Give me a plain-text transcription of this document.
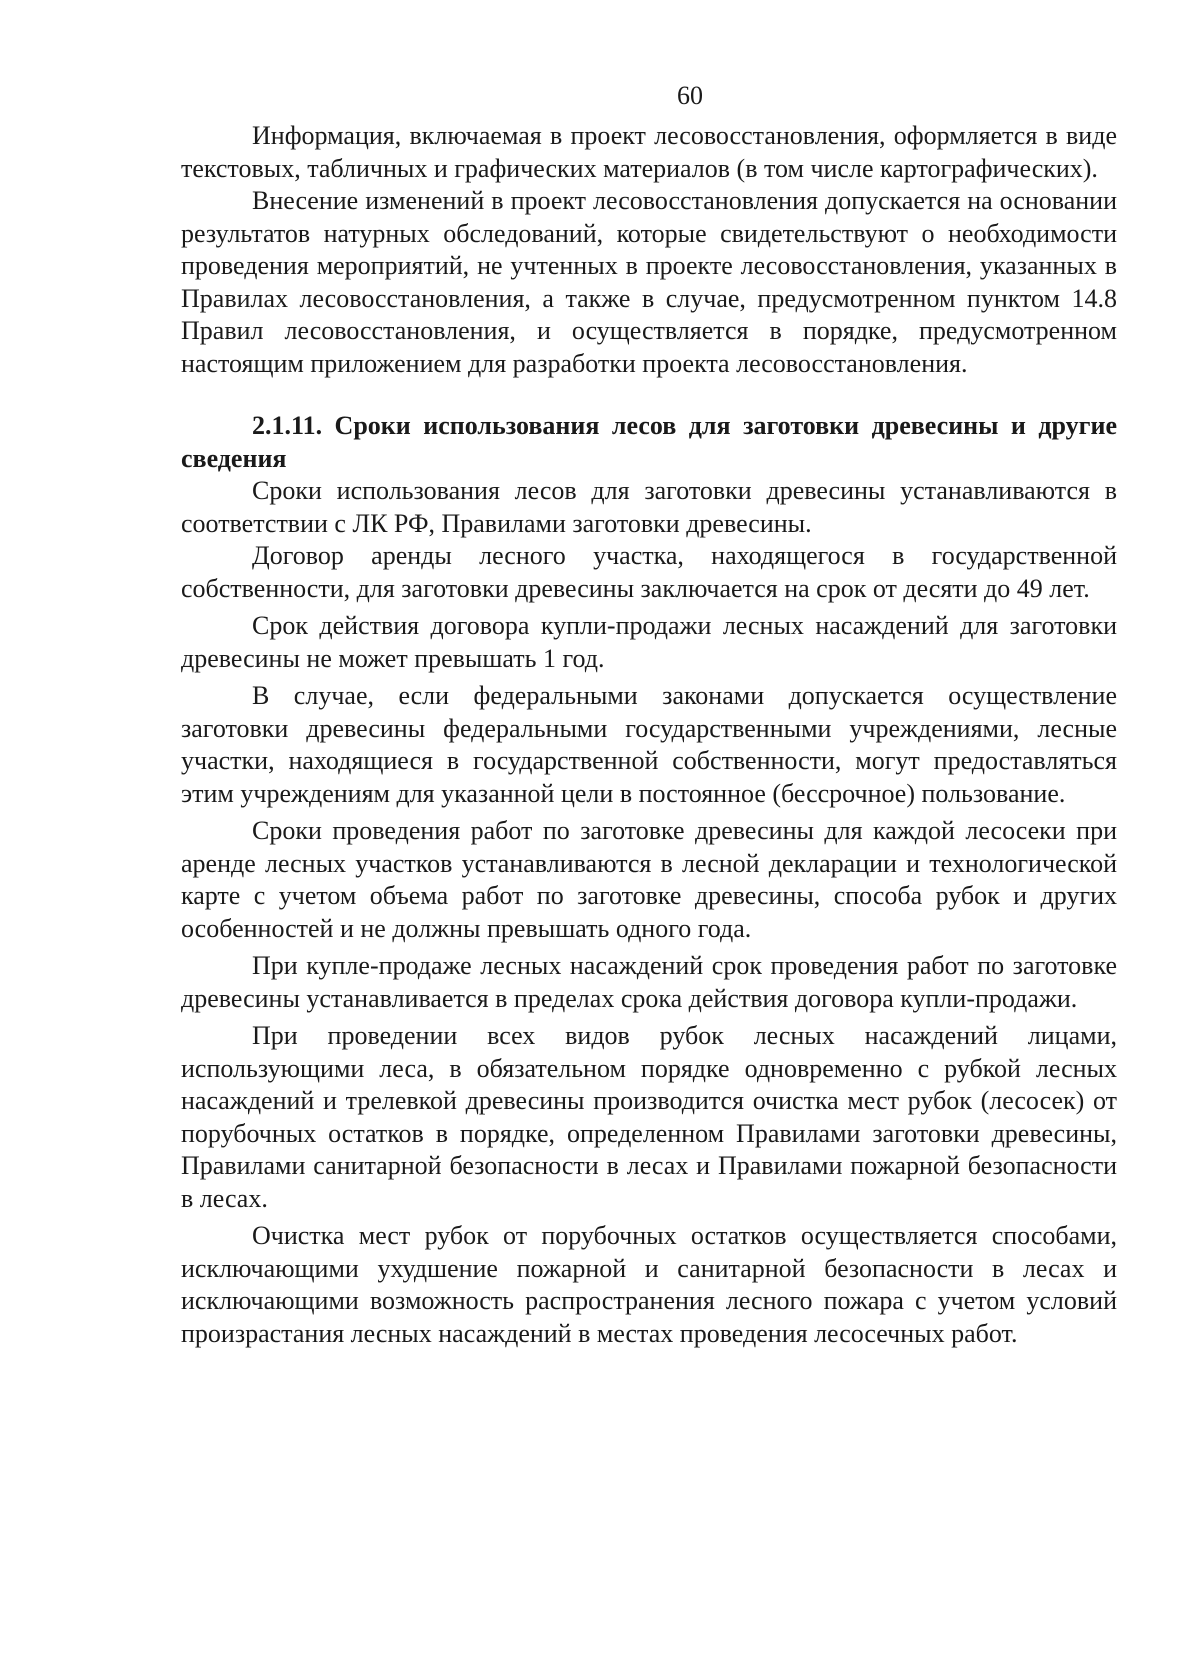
60

Информация, включаемая в проект лесовосстановления, оформляется в виде текстовых, табличных и графических материалов (в том числе картографических).

Внесение изменений в проект лесовосстановления допускается на основании результатов натурных обследований, которые свидетельствуют о необходимости проведения мероприятий, не учтенных в проекте лесовосстановления, указанных в Правилах лесовосстановления, а также в случае, предусмотренном пунктом 14.8 Правил лесовосстановления, и осуществляется в порядке, предусмотренном настоящим приложением для разработки проекта лесовосстановления.

2.1.11. Сроки использования лесов для заготовки древесины и другие сведения

Сроки использования лесов для заготовки древесины устанавливаются в соответствии с ЛК РФ, Правилами заготовки древесины.

Договор аренды лесного участка, находящегося в государственной собственности, для заготовки древесины заключается на срок от десяти до 49 лет.

Срок действия договора купли-продажи лесных насаждений для заготовки древесины не может превышать 1 год.

В случае, если федеральными законами допускается осуществление заготовки древесины федеральными государственными учреждениями, лесные участки, находящиеся в государственной собственности, могут предоставляться этим учреждениям для указанной цели в постоянное (бессрочное) пользование.

Сроки проведения работ по заготовке древесины для каждой лесосеки при аренде лесных участков устанавливаются в лесной декларации и технологической карте с учетом объема работ по заготовке древесины, способа рубок и других особенностей и не должны превышать одного года.

При купле-продаже лесных насаждений срок проведения работ по заготовке древесины устанавливается в пределах срока действия договора купли-продажи.

При проведении всех видов рубок лесных насаждений лицами, использующими леса, в обязательном порядке одновременно с рубкой лесных насаждений и трелевкой древесины производится очистка мест рубок (лесосек) от порубочных остатков в порядке, определенном Правилами заготовки древесины, Правилами санитарной безопасности в лесах и Правилами пожарной безопасности в лесах.

Очистка мест рубок от порубочных остатков осуществляется способами, исключающими ухудшение пожарной и санитарной безопасности в лесах и исключающими возможность распространения лесного пожара с учетом условий произрастания лесных насаждений в местах проведения лесосечных работ.
